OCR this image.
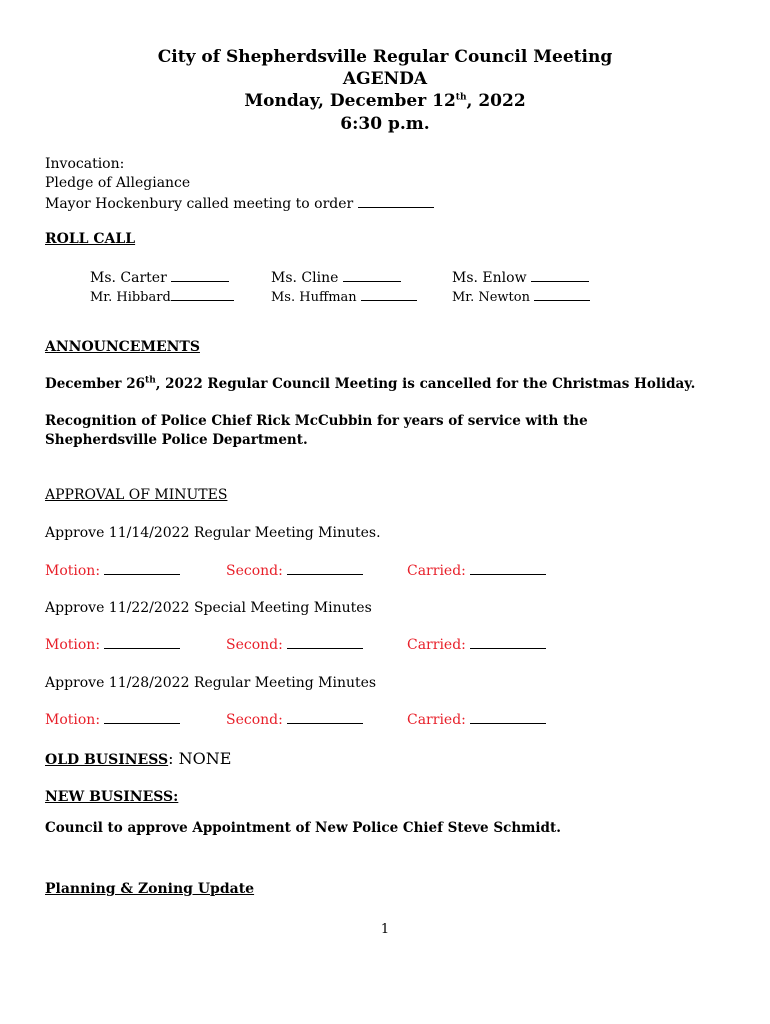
City of Shepherdsville Regular Council Meeting
AGENDA
Monday, December 12th, 2022
6:30 p.m.
Invocation:
Pledge of Allegiance
Mayor Hockenbury called meeting to order
ROLL CALL
Ms. Carter	Ms. Cline	Ms. Enlow
Mr. Hibbard	Ms. Huffman	Mr. Newton
ANNOUNCEMENTS
December 26th, 2022 Regular Council Meeting is cancelled for the Christmas Holiday.
Recognition of Police Chief Rick McCubbin for years of service with the
Shepherdsville Police Department.
APPROVAL OF MINUTES
Approve 11/14/2022 Regular Meeting Minutes.
Motion:	Second:	Carried:
Approve 11/22/2022 Special Meeting Minutes
Motion:	Second:	Carried:
Approve 11/28/2022 Regular Meeting Minutes
Motion:	Second:	Carried:
OLD BUSINESS: NONE
NEW BUSINESS:
Council to approve Appointment of New Police Chief Steve Schmidt.
Planning & Zoning Update
1
